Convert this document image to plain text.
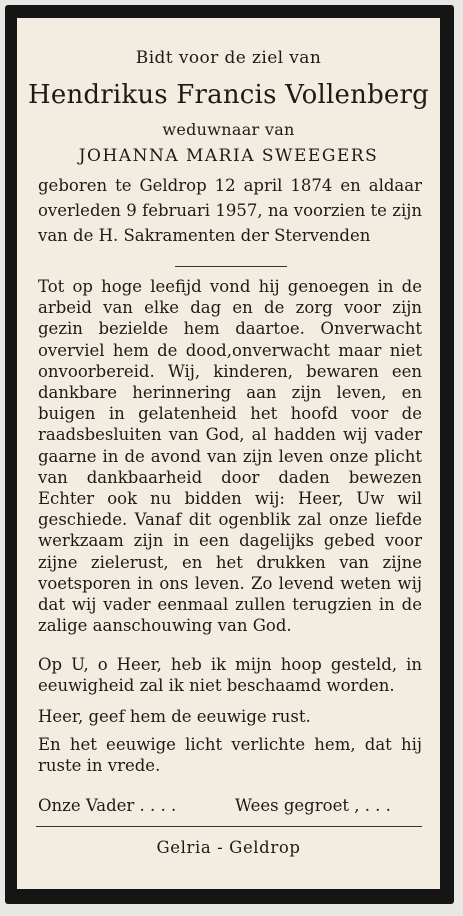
Bidt voor de ziel van
Hendrikus Francis Vollenberg
weduwnaar van
JOHANNA MARIA SWEEGERS
geboren te Geldrop 12 april 1874 en aldaar overleden 9 februari 1957, na voorzien te zijn van de H. Sakramenten der Stervenden
Tot op hoge leefijd vond hij genoegen in de arbeid van elke dag en de zorg voor zijn gezin bezielde hem daartoe. Onverwacht overviel hem de dood,onverwacht maar niet onvoorbereid. Wij, kinderen, bewaren een dankbare herinnering aan zijn leven, en buigen in gelatenheid het hoofd voor de raadsbesluiten van God, al hadden wij vader gaarne in de avond van zijn leven onze plicht van dankbaarheid door daden bewezen Echter ook nu bidden wij: Heer, Uw wil geschiede. Vanaf dit ogenblik zal onze liefde werkzaam zijn in een dagelijks gebed voor zijne zielerust, en het drukken van zijne voetsporen in ons leven. Zo levend weten wij dat wij vader eenmaal zullen terugzien in de zalige aanschouwing van God.
Op U, o Heer, heb ik mijn hoop gesteld, in eeuwigheid zal ik niet beschaamd worden.
Heer, geef hem de eeuwige rust.
En het eeuwige licht verlichte hem, dat hij ruste in vrede.
Onze Vader . . . .	Wees gegroet , . . .
Gelria - Geldrop
